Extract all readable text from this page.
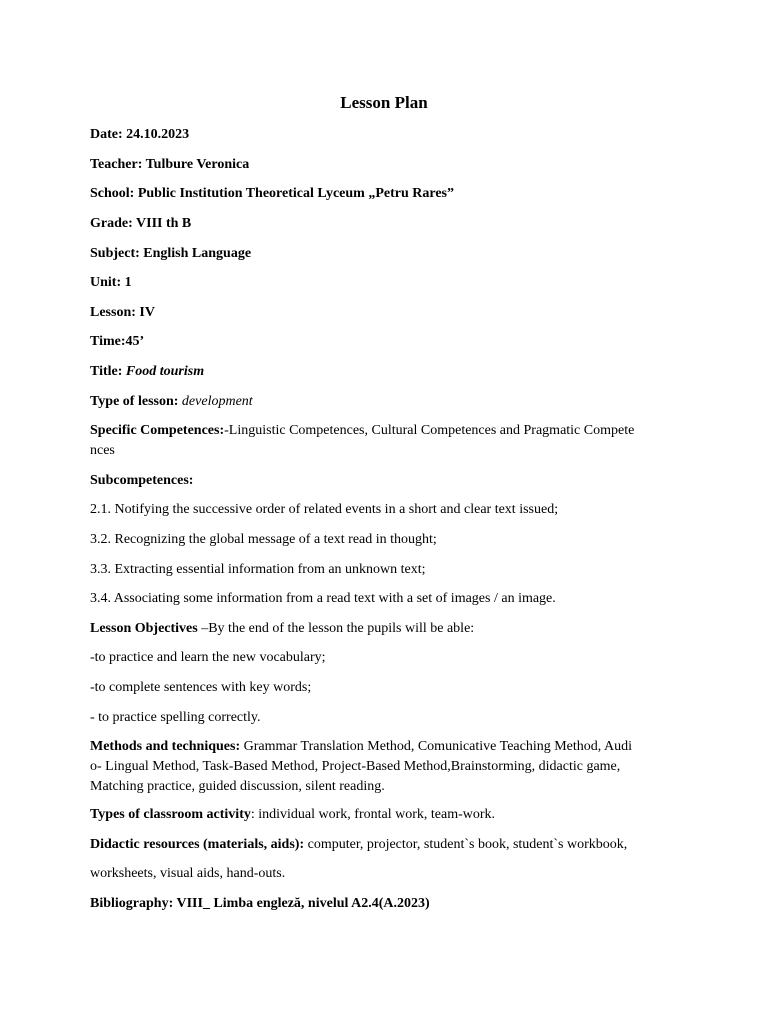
Lesson Plan
Date: 24.10.2023
Teacher: Tulbure Veronica
School: Public Institution Theoretical Lyceum „Petru Rares”
Grade: VIII th B
Subject: English Language
Unit: 1
Lesson: IV
Time:45’
Title: Food tourism
Type of lesson: development
Specific Competences:-Linguistic Competences, Cultural Competences and Pragmatic Compete
nces
Subcompetences:
2.1. Notifying the successive order of related events in a short and clear text issued;
3.2. Recognizing the global message of a text read in thought;
3.3. Extracting essential information from an unknown text;
3.4. Associating some information from a read text with a set of images / an image.
Lesson Objectives –By the end of the lesson the pupils will be able:
-to practice and learn the new vocabulary;
-to complete sentences with key words;
- to practice spelling correctly.
Methods and techniques: Grammar Translation Method, Comunicative Teaching Method, Audi
o- Lingual Method, Task-Based Method, Project-Based Method,Brainstorming, didactic game,
Matching practice, guided discussion, silent reading.
Types of classroom activity: individual work, frontal work, team-work.
Didactic resources (materials, aids): computer, projector, student`s book, student`s workbook,
worksheets, visual aids, hand-outs.
Bibliography: VIII_ Limba engleză, nivelul A2.4(A.2023)
